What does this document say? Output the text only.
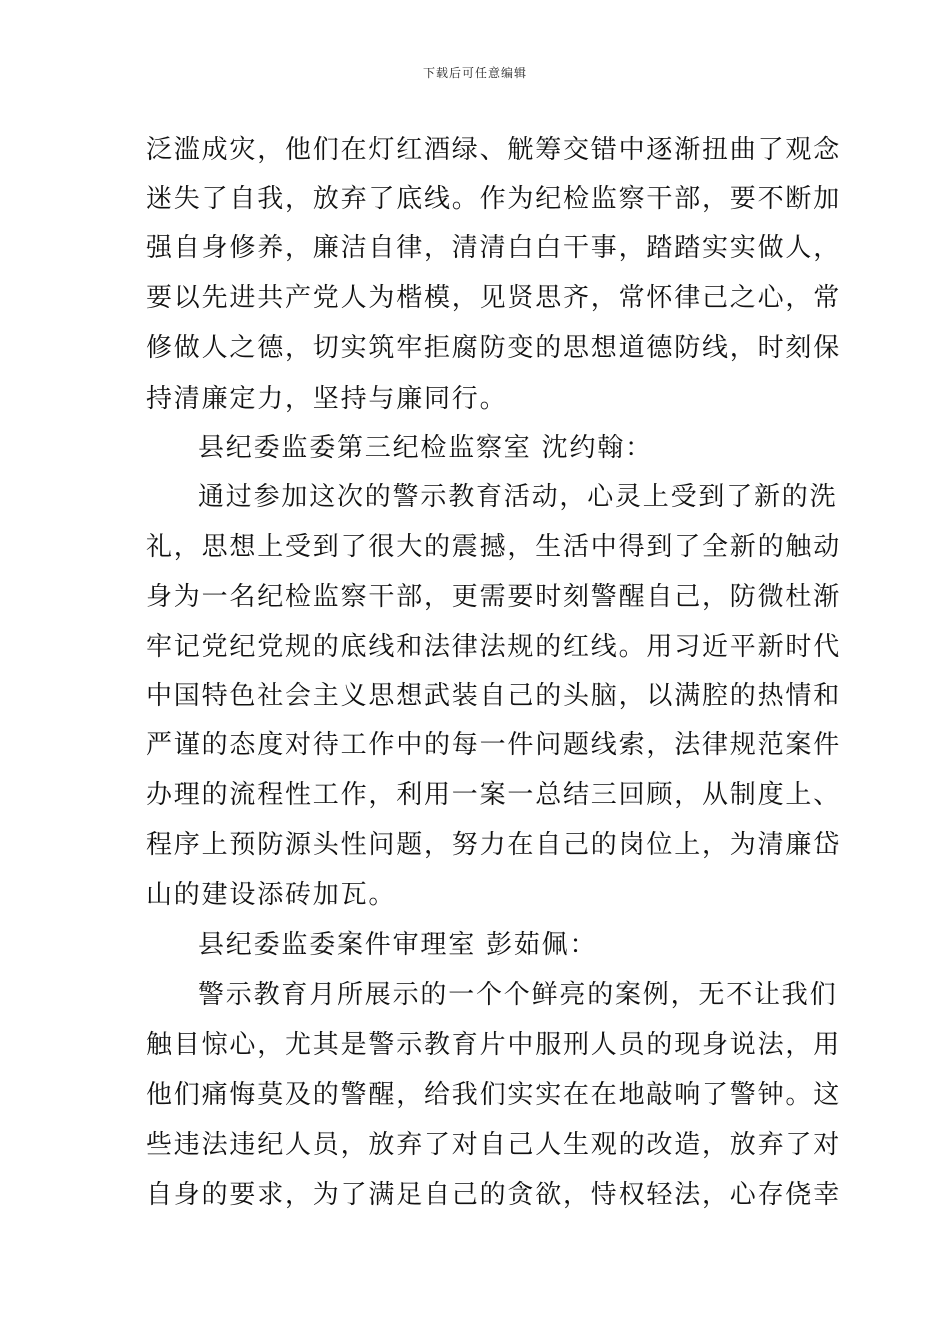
下载后可任意编辑
泛滥成灾，他们在灯红酒绿、觥筹交错中逐渐扭曲了观念
迷失了自我，放弃了底线。作为纪检监察干部，要不断加
强自身修养，廉洁自律，清清白白干事，踏踏实实做人，
要以先进共产党人为楷模，见贤思齐，常怀律己之心，常
修做人之德，切实筑牢拒腐防变的思想道德防线，时刻保
持清廉定力，坚持与廉同行。
县纪委监委第三纪检监察室 沈约翰：
通过参加这次的警示教育活动，心灵上受到了新的洗
礼，思想上受到了很大的震撼，生活中得到了全新的触动
身为一名纪检监察干部，更需要时刻警醒自己，防微杜渐
牢记党纪党规的底线和法律法规的红线。用习近平新时代
中国特色社会主义思想武装自己的头脑，以满腔的热情和
严谨的态度对待工作中的每一件问题线索，法律规范案件
办理的流程性工作，利用一案一总结三回顾，从制度上、
程序上预防源头性问题，努力在自己的岗位上，为清廉岱
山的建设添砖加瓦。
县纪委监委案件审理室 彭茹佩：
警示教育月所展示的一个个鲜亮的案例，无不让我们
触目惊心，尤其是警示教育片中服刑人员的现身说法，用
他们痛悔莫及的警醒，给我们实实在在地敲响了警钟。这
些违法违纪人员，放弃了对自己人生观的改造，放弃了对
自身的要求，为了满足自己的贪欲，恃权轻法，心存侥幸
